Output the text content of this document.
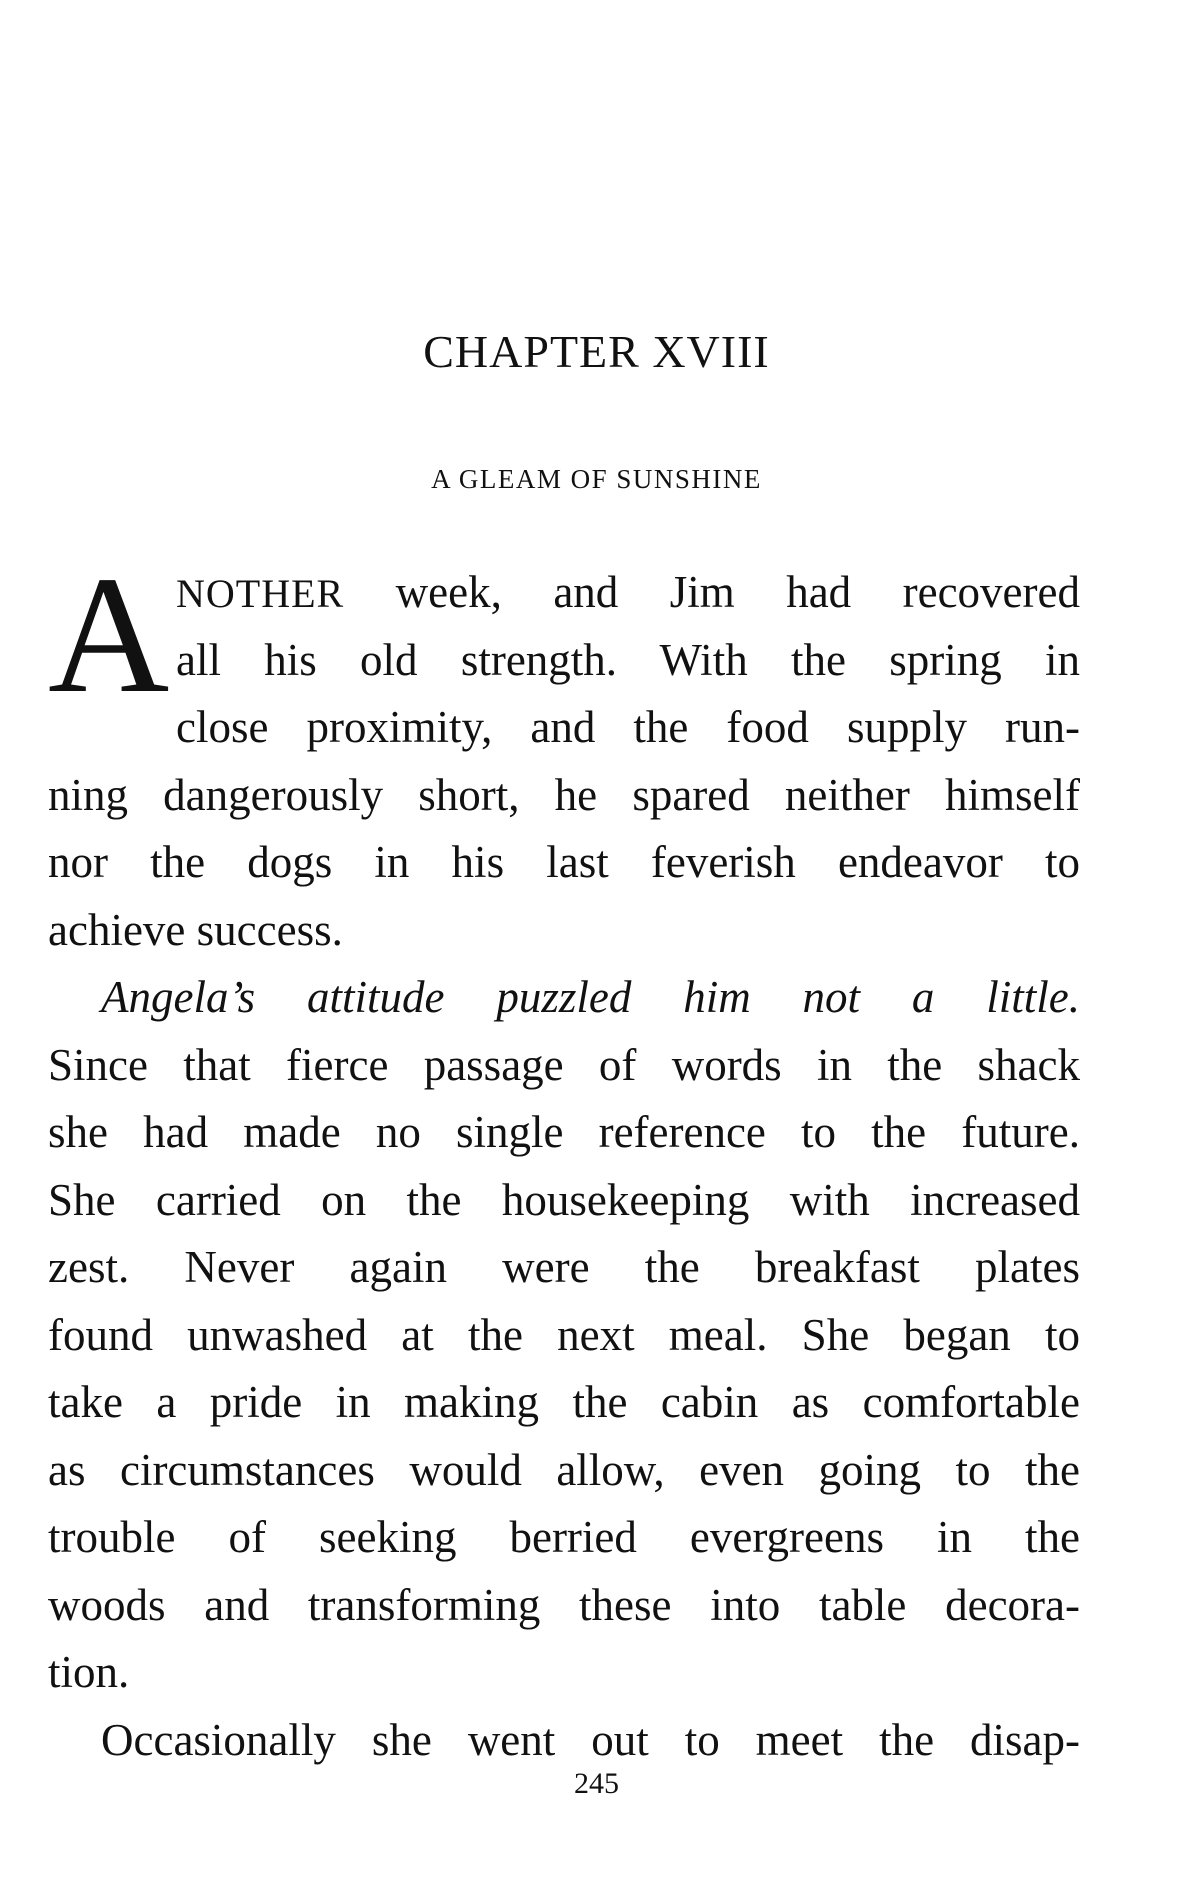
CHAPTER XVIII
A GLEAM OF SUNSHINE
A NOTHER week, and Jim had recovered
all his old strength. With the spring in
close proximity, and the food supply run-
ning dangerously short, he spared neither himself
nor the dogs in his last feverish endeavor to
achieve success.
Angela’s attitude puzzled him not a little.
Since that fierce passage of words in the shack
she had made no single reference to the future.
She carried on the housekeeping with increased
zest. Never again were the breakfast plates
found unwashed at the next meal. She began to
take a pride in making the cabin as comfortable
as circumstances would allow, even going to the
trouble of seeking berried evergreens in the
woods and transforming these into table decora-
tion.
Occasionally she went out to meet the disap-
245
